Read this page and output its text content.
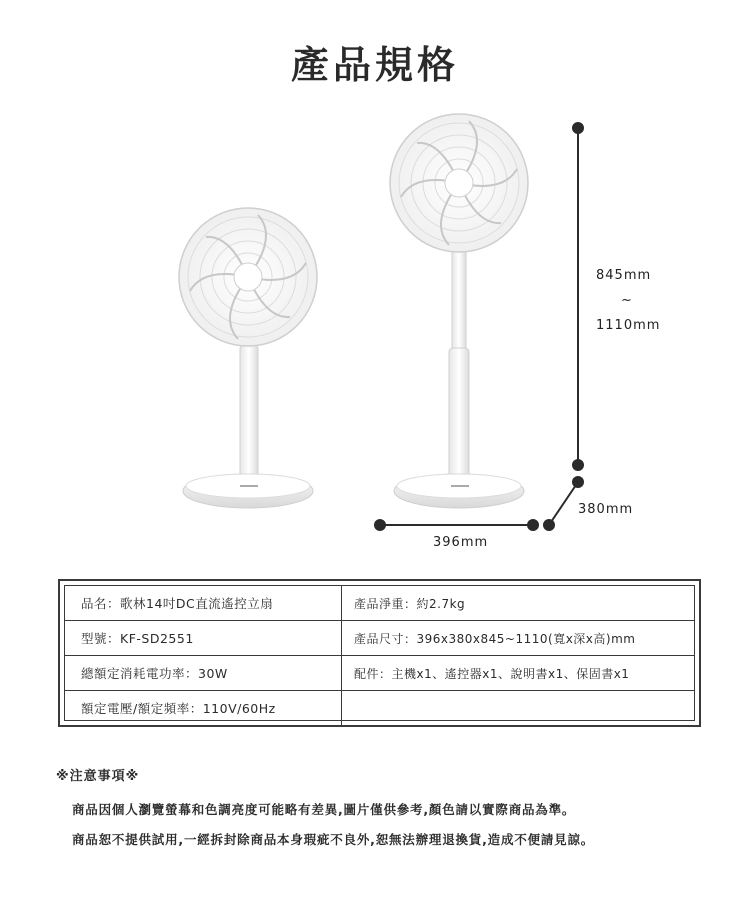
產品規格
845mm
~
1110mm
380mm
396mm
品名：歌林14吋DC直流遙控立扇	產品淨重：約2.7kg
型號：KF-SD2551	產品尺寸：396x380x845~1110(寬x深x高)mm
總額定消耗電功率：30W	配件：主機x1、遙控器x1、說明書x1、保固書x1
額定電壓/額定頻率：110V/60Hz	
※注意事項※
商品因個人瀏覽螢幕和色調亮度可能略有差異,圖片僅供參考,顏色請以實際商品為準。
商品恕不提供試用,一經拆封除商品本身瑕疵不良外,恕無法辦理退換貨,造成不便請見諒。
